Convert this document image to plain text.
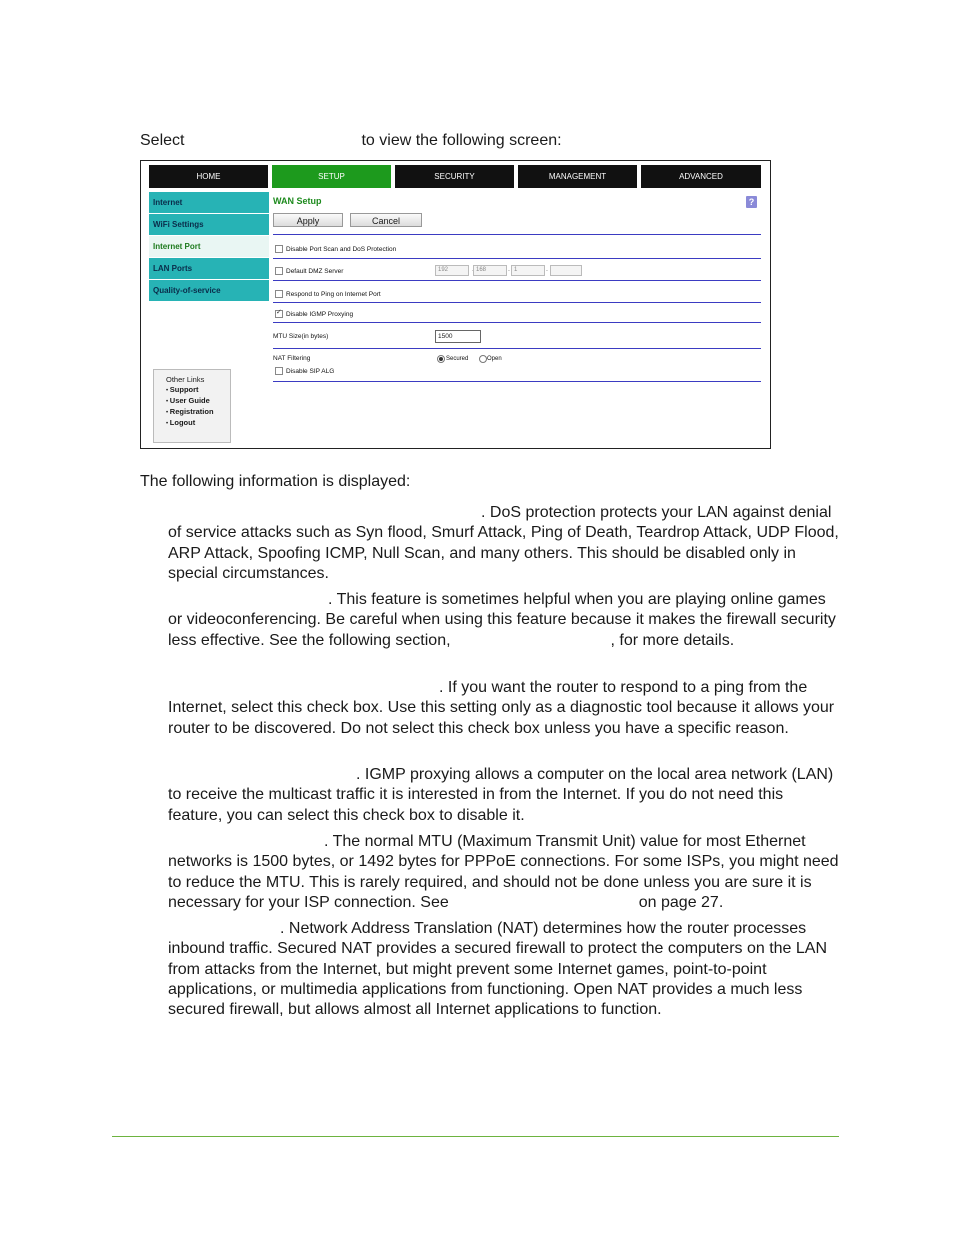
Select	to view the following screen:
HOME	SETUP	SECURITY	MANAGEMENT	ADVANCED
Internet
WiFi Settings
Internet Port
LAN Ports
Quality-of-service
Other Links
• Support
• User Guide
• Registration
• Logout
WAN Setup	?
Apply	Cancel
Disable Port Scan and DoS Protection
Default DMZ Server	192	168	. 1	.
Respond to Ping on Internet Port
✓
Disable IGMP Proxying
MTU Size(in bytes)	1500
NAT Filtering	Secured	Open
Disable SIP ALG
The following information is displayed:
. DoS protection protects your LAN against denial of service attacks such as Syn flood, Smurf Attack, Ping of Death, Teardrop Attack, UDP Flood, ARP Attack, Spoofing ICMP, Null Scan, and many others. This should be disabled only in special circumstances.
. This feature is sometimes helpful when you are playing online games or videoconferencing. Be careful when using this feature because it makes the firewall security less effective. See the following section,	, for more details.
. If you want the router to respond to a ping from the Internet, select this check box. Use this setting only as a diagnostic tool because it allows your router to be discovered. Do not select this check box unless you have a specific reason.
. IGMP proxying allows a computer on the local area network (LAN) to receive the multicast traffic it is interested in from the Internet. If you do not need this feature, you can select this check box to disable it.
. The normal MTU (Maximum Transmit Unit) value for most Ethernet networks is 1500 bytes, or 1492 bytes for PPPoE connections. For some ISPs, you might need to reduce the MTU. This is rarely required, and should not be done unless you are sure it is necessary for your ISP connection. See	on page 27.
. Network Address Translation (NAT) determines how the router processes inbound traffic. Secured NAT provides a secured firewall to protect the computers on the LAN from attacks from the Internet, but might prevent some Internet games, point-to-point applications, or multimedia applications from functioning. Open NAT provides a much less secured firewall, but allows almost all Internet applications to function.
